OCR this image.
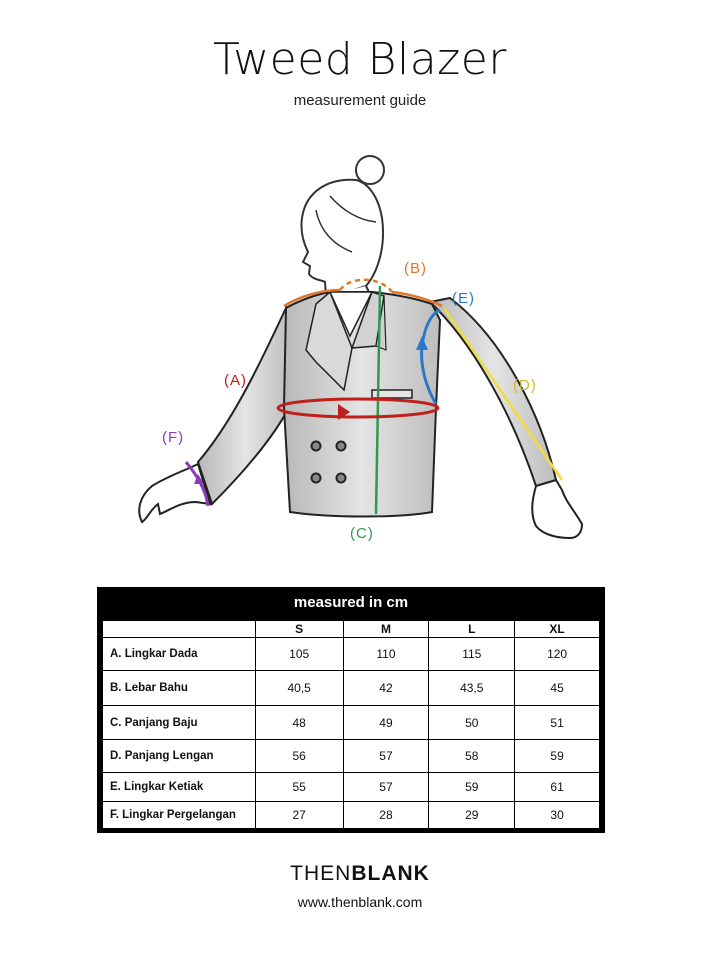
Tweed Blazer
measurement guide
(A)
(B)
(C)
(D)
(E)
(F)
measured in cm
	S	M	L	XL
A. Lingkar Dada	105	110	115	120
B. Lebar Bahu	40,5	42	43,5	45
C. Panjang Baju	48	49	50	51
D. Panjang Lengan	56	57	58	59
E. Lingkar Ketiak	55	57	59	61
F. Lingkar Pergelangan	27	28	29	30
THENBLANK
www.thenblank.com
